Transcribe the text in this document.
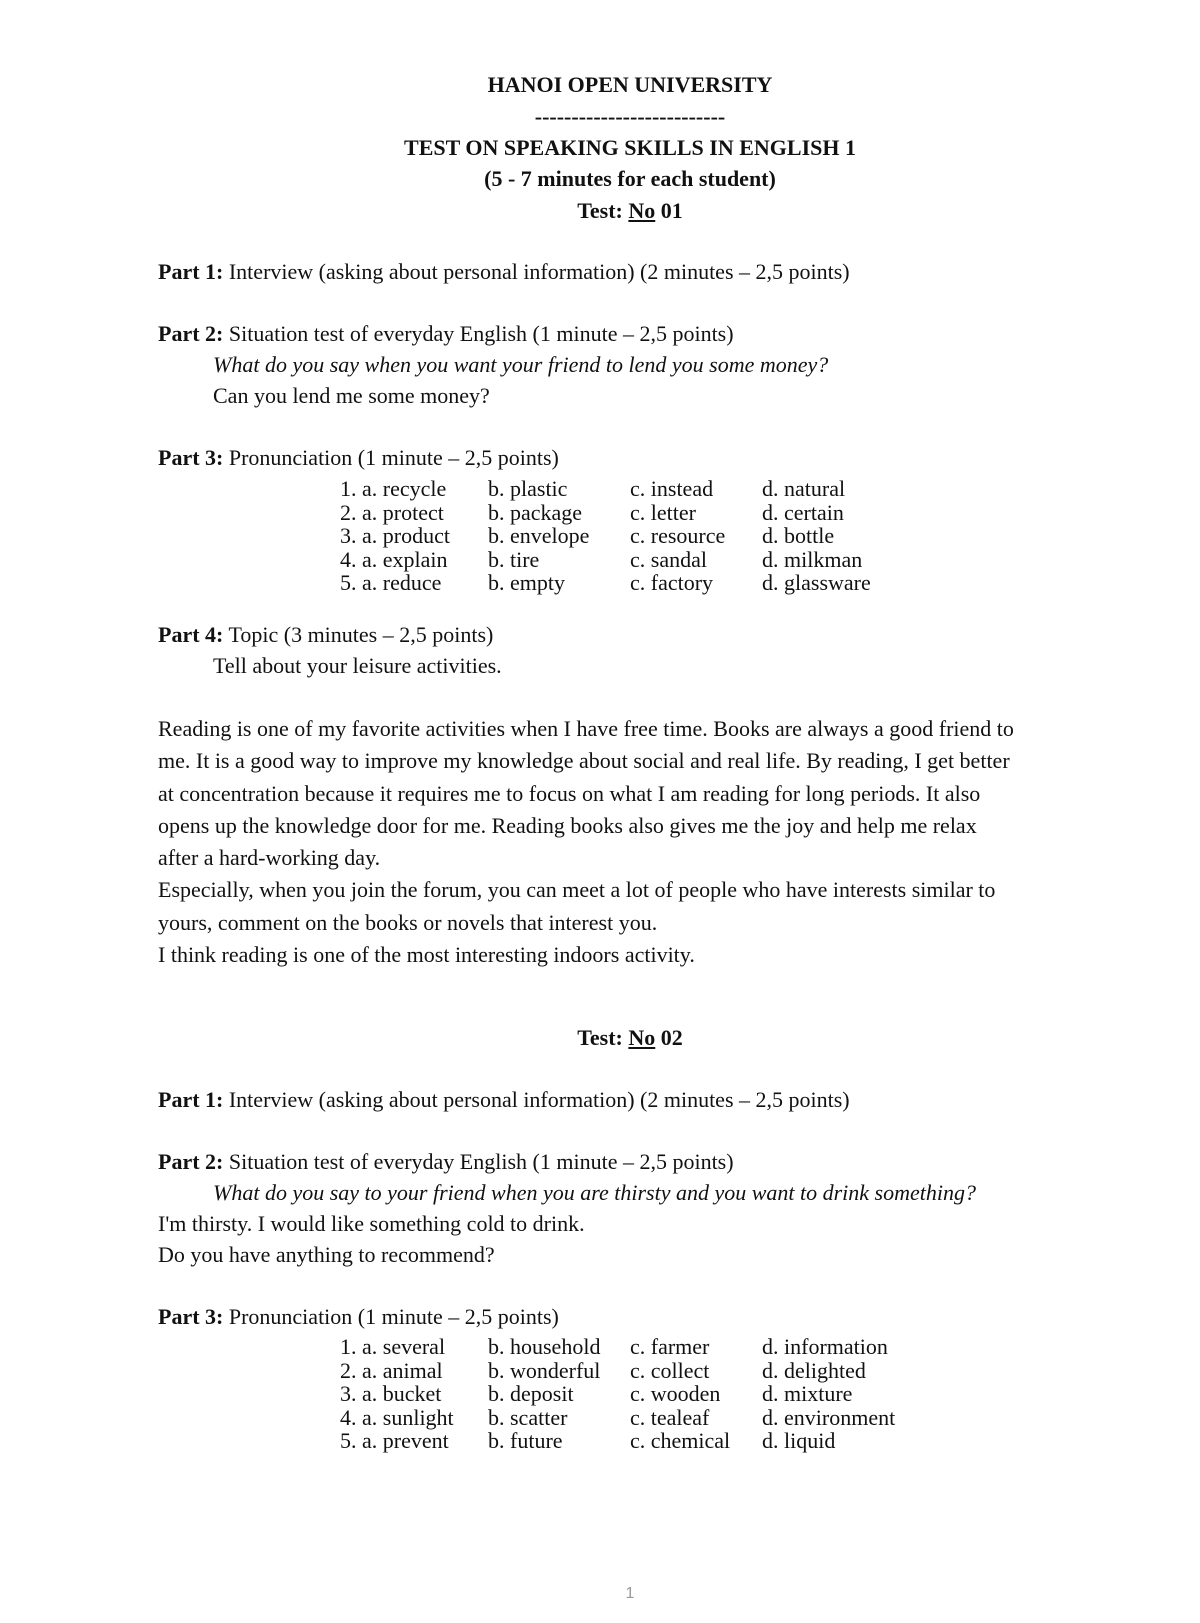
HANOI OPEN UNIVERSITY
--------------------------
TEST ON SPEAKING SKILLS IN ENGLISH 1
(5 - 7 minutes for each student)
Test: No 01
Part 1: Interview (asking about personal information) (2 minutes – 2,5 points)
Part 2: Situation test of everyday English (1 minute – 2,5 points)
What do you say when you want your friend to lend you some money?
Can you lend me some money?
Part 3: Pronunciation (1 minute – 2,5 points)
1. a. recycle b. plastic	c. instead d. natural
2. a. protect b. package c. letter	d. certain
3. a. product b. envelope c. resource d. bottle
4. a. explain b. tire	c. sandal	d. milkman
5. a. reduce b. empty	c. factory d. glassware
Part 4: Topic (3 minutes – 2,5 points)
Tell about your leisure activities.
Reading is one of my favorite activities when I have free time. Books are always a good friend to
me. It is a good way to improve my knowledge about social and real life. By reading, I get better
at concentration because it requires me to focus on what I am reading for long periods. It also
opens up the knowledge door for me. Reading books also gives me the joy and help me relax
after a hard-working day.
Especially, when you join the forum, you can meet a lot of people who have interests similar to
yours, comment on the books or novels that interest you.
I think reading is one of the most interesting indoors activity.
Test: No 02
Part 1: Interview (asking about personal information) (2 minutes – 2,5 points)
Part 2: Situation test of everyday English (1 minute – 2,5 points)
What do you say to your friend when you are thirsty and you want to drink something?
I'm thirsty. I would like something cold to drink.
Do you have anything to recommend?
Part 3: Pronunciation (1 minute – 2,5 points)
1. a. several b. household c. farmer d. information
2. a. animal b. wonderful c. collect d. delighted
3. a. bucket b. deposit	c. wooden d. mixture
4. a. sunlight b. scatter	c. tealeaf d. environment
5. a. prevent b. future	c. chemical d. liquid
1
